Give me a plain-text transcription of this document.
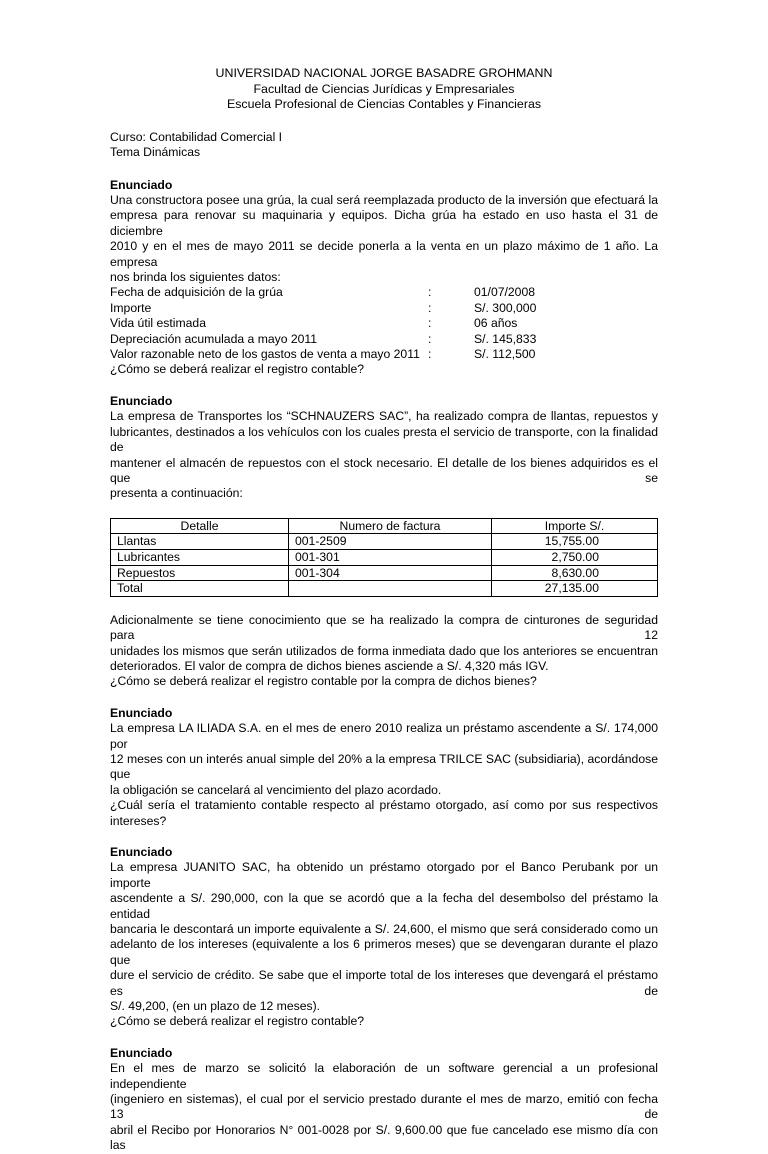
UNIVERSIDAD NACIONAL JORGE BASADRE GROHMANN
Facultad de Ciencias Jurídicas y Empresariales
Escuela Profesional de Ciencias Contables y Financieras
Curso: Contabilidad Comercial I
Tema Dinámicas
Enunciado
Una constructora posee una grúa, la cual será reemplazada producto de la inversión que efectuará la
empresa para renovar su maquinaria y equipos. Dicha grúa ha estado en uso hasta el 31 de diciembre
2010 y en el mes de mayo 2011 se decide ponerla a la venta en un plazo máximo de 1 año. La empresa
nos brinda los siguientes datos:
Fecha de adquisición de la grúa	:	01/07/2008
Importe	:	S/. 300,000
Vida útil estimada	:	06 años
Depreciación acumulada a mayo 2011	:	S/. 145,833
Valor razonable neto de los gastos de venta a mayo 2011 :	S/. 112,500
¿Cómo se deberá realizar el registro contable?
Enunciado
La empresa de Transportes los “SCHNAUZERS SAC”, ha realizado compra de llantas, repuestos y
lubricantes, destinados a los vehículos con los cuales presta el servicio de transporte, con la finalidad de
mantener el almacén de repuestos con el stock necesario. El detalle de los bienes adquiridos es el que se
presenta a continuación:
Detalle	Numero de factura	Importe S/.
Llantas	001-2509	15,755.00
Lubricantes	001-301	2,750.00
Repuestos	001-304	8,630.00
Total		27,135.00
Adicionalmente se tiene conocimiento que se ha realizado la compra de cinturones de seguridad para 12
unidades los mismos que serán utilizados de forma inmediata dado que los anteriores se encuentran
deteriorados. El valor de compra de dichos bienes asciende a S/. 4,320 más IGV.
¿Cómo se deberá realizar el registro contable por la compra de dichos bienes?
Enunciado
La empresa LA ILIADA S.A. en el mes de enero 2010 realiza un préstamo ascendente a S/. 174,000 por
12 meses con un interés anual simple del 20% a la empresa TRILCE SAC (subsidiaria), acordándose que
la obligación se cancelará al vencimiento del plazo acordado.
¿Cuál sería el tratamiento contable respecto al préstamo otorgado, así como por sus respectivos
intereses?
Enunciado
La empresa JUANITO SAC, ha obtenido un préstamo otorgado por el Banco Perubank por un importe
ascendente a S/. 290,000, con la que se acordó que a la fecha del desembolso del préstamo la entidad
bancaria le descontará un importe equivalente a S/. 24,600, el mismo que será considerado como un
adelanto de los intereses (equivalente a los 6 primeros meses) que se devengaran durante el plazo que
dure el servicio de crédito. Se sabe que el importe total de los intereses que devengará el préstamo es de
S/. 49,200, (en un plazo de 12 meses).
¿Cómo se deberá realizar el registro contable?
Enunciado
En el mes de marzo se solicitó la elaboración de un software gerencial a un profesional independiente
(ingeniero en sistemas), el cual por el servicio prestado durante el mes de marzo, emitió con fecha 13 de
abril el Recibo por Honorarios N° 001-0028 por S/. 9,600.00 que fue cancelado ese mismo día con las
